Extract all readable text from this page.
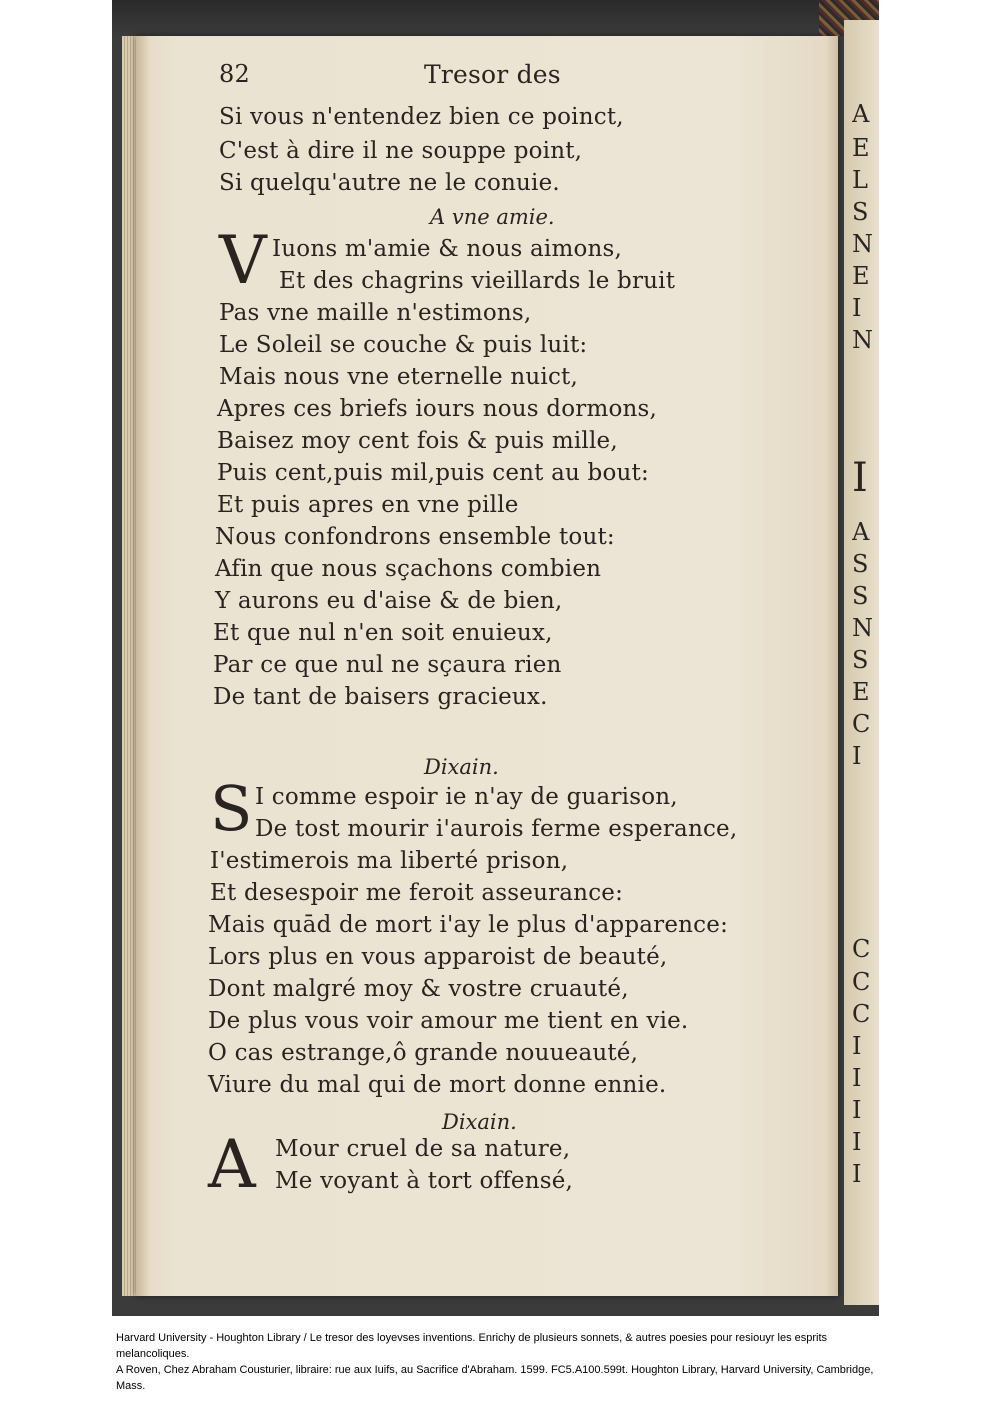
A
E
L
S
N
E
I
N
I
A
S
S
N
S
E
C
I
C
C
C
I
I
I
I
I
82	Tresor des
Si vous n'entendez bien ce poinct,
C'est à dire il ne souppe point,
Si quelqu'autre ne le conuie.
A vne amie.
V Iuons m'amie & nous aimons,
Et des chagrins vieillards le bruit
Pas vne maille n'estimons,
Le Soleil se couche & puis luit:
Mais nous vne eternelle nuict,
Apres ces briefs iours nous dormons,
Baisez moy cent fois & puis mille,
Puis cent,puis mil,puis cent au bout:
Et puis apres en vne pille
Nous confondrons ensemble tout:
Afin que nous sçachons combien
Y aurons eu d'aise & de bien,
Et que nul n'en soit enuieux,
Par ce que nul ne sçaura rien
De tant de baisers gracieux.
Dixain.
S I comme espoir ie n'ay de guarison,
De tost mourir i'aurois ferme esperance,
I'estimerois ma liberté prison,
Et desespoir me feroit asseurance:
Mais quād de mort i'ay le plus d'apparence:
Lors plus en vous apparoist de beauté,
Dont malgré moy & vostre cruauté,
De plus vous voir amour me tient en vie.
O cas estrange,ô grande nouueauté,
Viure du mal qui de mort donne ennie.
Dixain.
A Mour cruel de sa nature,
Me voyant à tort offensé,
Harvard University - Houghton Library / Le tresor des loyevses inventions. Enrichy de plusieurs sonnets, & autres poesies pour resiouyr les esprits melancoliques.
A Roven, Chez Abraham Cousturier, libraire: rue aux Iuifs, au Sacrifice d'Abraham. 1599. FC5.A100.599t. Houghton Library, Harvard University, Cambridge, Mass.
